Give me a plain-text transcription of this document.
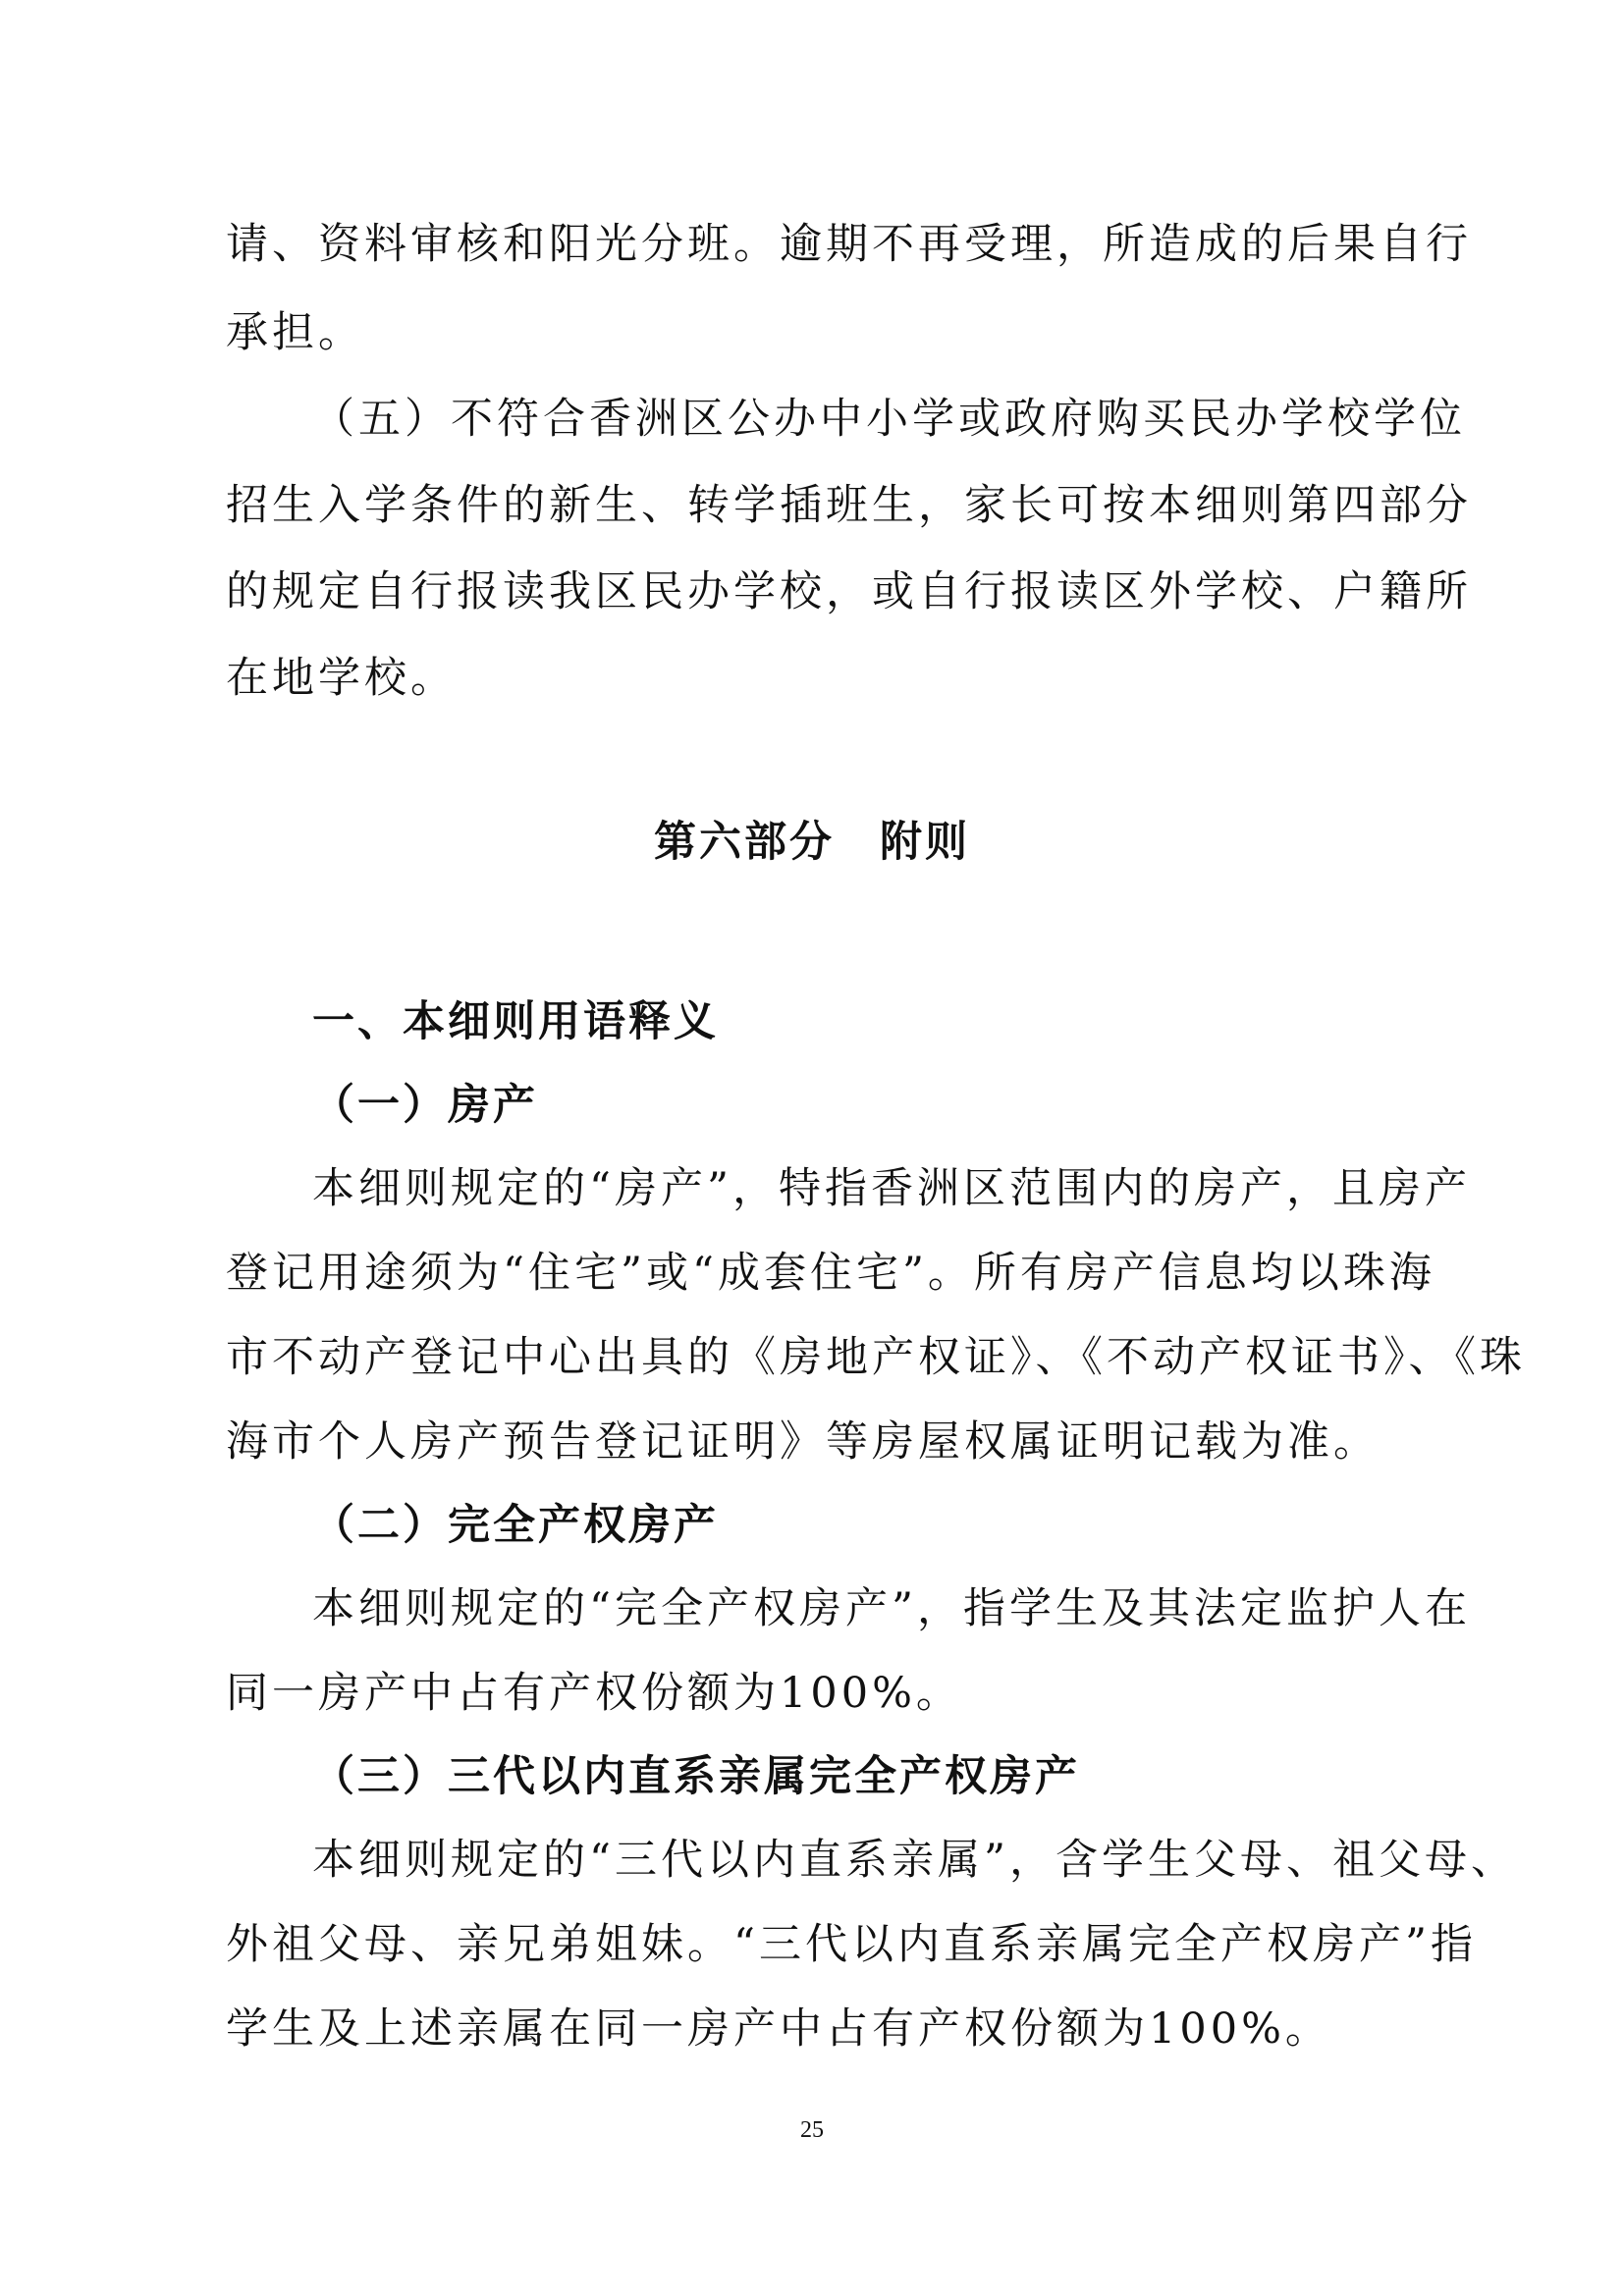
请、资料审核和阳光分班。逾期不再受理，所造成的后果自行
承担。
（五）不符合香洲区公办中小学或政府购买民办学校学位
招生入学条件的新生、转学插班生，家长可按本细则第四部分
的规定自行报读我区民办学校，或自行报读区外学校、户籍所
在地学校。
第六部分　附则
一、本细则用语释义
（一）房产
本细则规定的“房产”，特指香洲区范围内的房产，且房产
登记用途须为“住宅”或“成套住宅”。所有房产信息均以珠海
市不动产登记中心出具的《房地产权证》、《不动产权证书》、《珠
海市个人房产预告登记证明》等房屋权属证明记载为准。
（二）完全产权房产
本细则规定的“完全产权房产”，指学生及其法定监护人在
同一房产中占有产权份额为100%。
（三）三代以内直系亲属完全产权房产
本细则规定的“三代以内直系亲属”，含学生父母、祖父母、
外祖父母、亲兄弟姐妹。“三代以内直系亲属完全产权房产”指
学生及上述亲属在同一房产中占有产权份额为100%。
25
